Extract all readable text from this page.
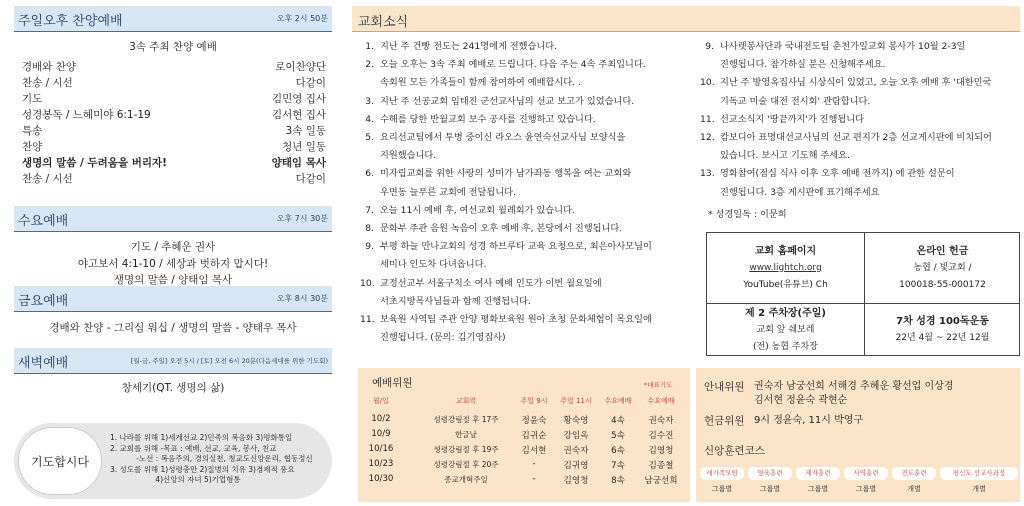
주일오후 찬양예배	오후 2시 50분
3속 주최 찬양 예배
경배와 찬양	로이찬양단
찬송 / 시선	다같이
기도	김민영 집사
성경봉독 / 느헤미야 6:1-19	김서현 집사
특송	3속 일동
찬양	청년 일동
생명의 말씀 / 두려움을 버리자!	양태임 목사
찬송 / 시선	다같이
수요예배	오후 7시 30분
기도 / 추혜운 권사
야고보서 4:1-10 / 세상과 벗하지 맙시다!
생명의 말씀 / 양태임 목사
금요예배	오후 8시 30분
경배와 찬양 - 그리심 워십 / 생명의 말씀 - 양태우 목사
새벽예배	[월-금, 주일] 오전 5시 / [토] 오전 6시 20분(다음세대를 위한 기도회)
창세기(QT. 생명의 삶)
기도합시다
1. 나라를 위해 1)세계선교 2)민족의 복음화 3)평화통일
2. 교회를 위해 -목표 : 예배, 선교, 교육, 봉사, 친교
-노선 : 복음주의, 경의실천, 청교도신앙운리, 협동정신
3. 성도를 위해 1)성령충만 2)질병의 치유 3)경제적 풍요
4)신앙의 자녀 5)기업형통
교회소식
1. 지난 주 건빵 전도는 241명에게 전했습니다.
2. 오늘 오후는 3속 주최 예배로 드립니다. 다음 주는 4속 주최입니다.
속회원 모든 가족들이 함께 참여하여 예배합시다. .
3. 지난 주 선공교회 임태진 군선교사님의 선교 보고가 있었습니다.
4. 수해를 당한 반월교회 보수 공사를 진행하고 있습니다.
5. 요리선교팀에서 투병 중이신 라오스 윤연숙선교사님 보양식을
지원했습니다.
6. 미자립교회를 위한 사랑의 성미가 남가좌동 행복을 여는 교회와
우면동 늘푸른 교회에 전달됩니다.
7. 오늘 11시 예배 후, 여선교회 월례회가 있습니다.
8. 문화부 주관 음원 녹음이 오후 예배 후, 본당에서 진행됩니다.
9. 부평 하늘 만나교회의 성경 하브루타 교육 요청으로, 최은아사모님이
세미나 인도차 다녀옵니다.
10. 교정선교부 서울구치소 여사 예배 인도가 이번 월요일에
서초지방목사님들과 함께 진행됩니다.
11. 보육원 사역팀 주관 안양 평화보육원 원아 초청 문화체험이 목요일에
진행됩니다. (문의: 김기영집사)
9. 나사렛봉사단과 국내전도팀 춘천가일교회 봉사가 10월 2-3일
진행됩니다. 참가하실 분은 신청해주세요.
10. 지난 주 방영옥집사님 시상식이 있었고, 오늘 오후 예배 후 '대한민국
기독교 미술 대전 전시회' 관람합니다.
11. 선교소식지 '땅끝까지'가 진행됩니다
12. 캄보디아 표명대선교사님의 선교 편지가 2층 선교게시판에 비치되어
있습니다. 보시고 기도해 주세요.
13. 영화참여(점심 식사 이후 오후 예배 전까지) 에 관한 설문이
진행됩니다. 3층 게시판에 표기해주세요
* 성경일독 : 이문희
교회 홈페이지
www.lightch.org
YouTube(유튜브) Ch
온라인 헌금
농협 / 빛교회 /
100018-55-000172
제 2 주차장(주일)
교회 앞 쉐보레
(전) 농협 주차장
7차 성경 100독운동
22년 4월 ~ 22년 12월
예배위원	*대표기도
월/일	교회력	주일 9시	주일 11시	수요예배	수요예배
10/2	성령강림절 후 17주	정윤숙	황숙영	4속	권숙자
10/9	한글날	김귀순	강임옥	5속	김수진
10/16	성령강림절 후 19주	김서현	권숙자	6속	김영청
10/23	성령강림절 후 20주	-	김귀영	7속	김종철
10/30	종교개혁주일	-	김영청	8속	남궁선희
안내위원 권숙자 남궁선희 서해경 추혜운 황선업 이상경
김서현 정윤숙 곽현순
헌금위원 9시 정윤숙, 11시 박영구
신앙훈련코스
새가족모임
그룹별
양육훈련
그룹별
제자훈련
그룹별
사역훈련
그룹별
전도훈련
개별
평신도 선교사과정
개별
